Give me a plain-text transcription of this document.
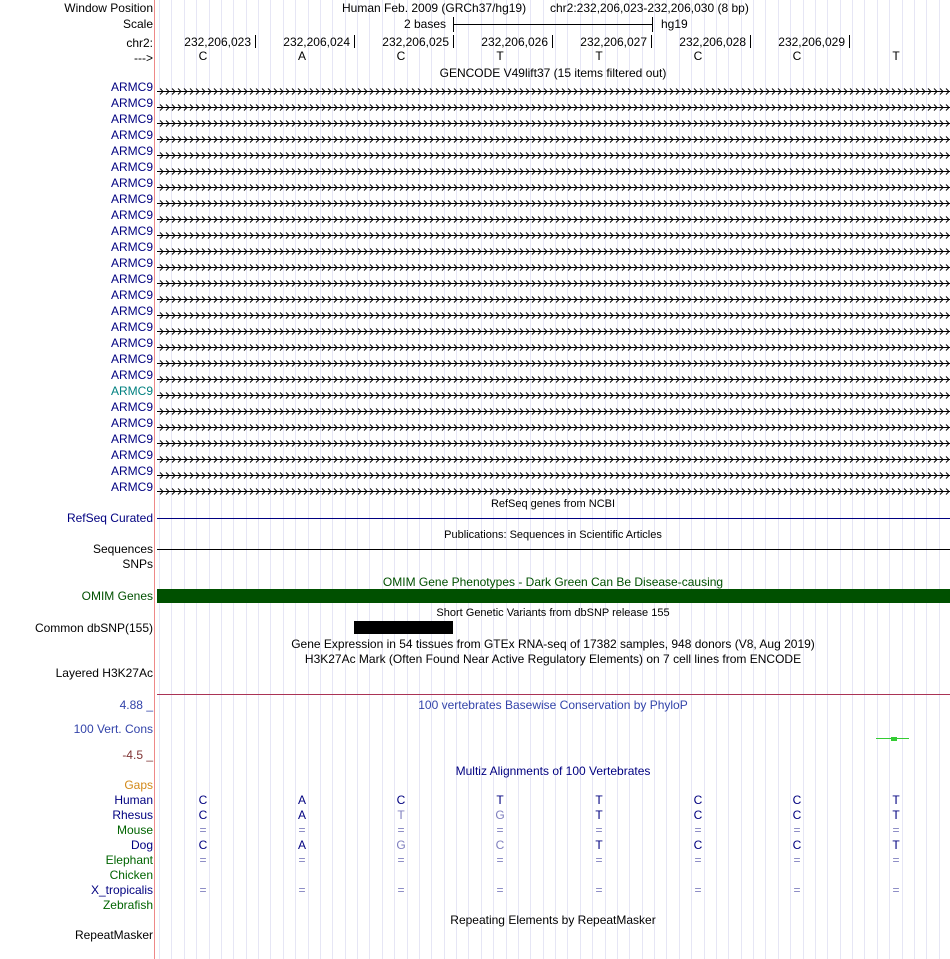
Window Position	Human Feb. 2009 (GRCh37/hg19) chr2:232,206,023-232,206,030 (8 bp)
Scale	2 bases	hg19
chr2:	232,206,023	232,206,024	232,206,025	232,206,026	232,206,027	232,206,028	232,206,029
--->	C	A	C	T	T	C	C	T
GENCODE V49lift37 (15 items filtered out)
ARMC9
ARMC9
ARMC9
ARMC9
ARMC9
ARMC9
ARMC9
ARMC9
ARMC9
ARMC9
ARMC9
ARMC9
ARMC9
ARMC9
ARMC9
ARMC9
ARMC9
ARMC9
ARMC9
ARMC9
ARMC9
ARMC9
ARMC9
ARMC9
ARMC9
ARMC9
RefSeq genes from NCBI
RefSeq Curated
Publications: Sequences in Scientific Articles
Sequences
SNPs
OMIM Gene Phenotypes - Dark Green Can Be Disease-causing
OMIM Genes
Short Genetic Variants from dbSNP release 155
Common dbSNP(155)
Gene Expression in 54 tissues from GTEx RNA-seq of 17382 samples, 948 donors (V8, Aug 2019)
H3K27Ac Mark (Often Found Near Active Regulatory Elements) on 7 cell lines from ENCODE
Layered H3K27Ac
4.88 _	100 vertebrates Basewise Conservation by PhyloP
100 Vert. Cons
-4.5 _
Multiz Alignments of 100 Vertebrates
Gaps
Human	C	A	C	T	T	C	C	T
Rhesus	C	A	T	G	T	C	C	T
Mouse	=	=	=	=	=	=	=	=
Dog	C	A	G	C	T	C	C	T
Elephant	=	=	=	=	=	=	=	=
Chicken
X_tropicalis	=	=	=	=	=	=	=	=
Zebrafish
Repeating Elements by RepeatMasker
RepeatMasker
